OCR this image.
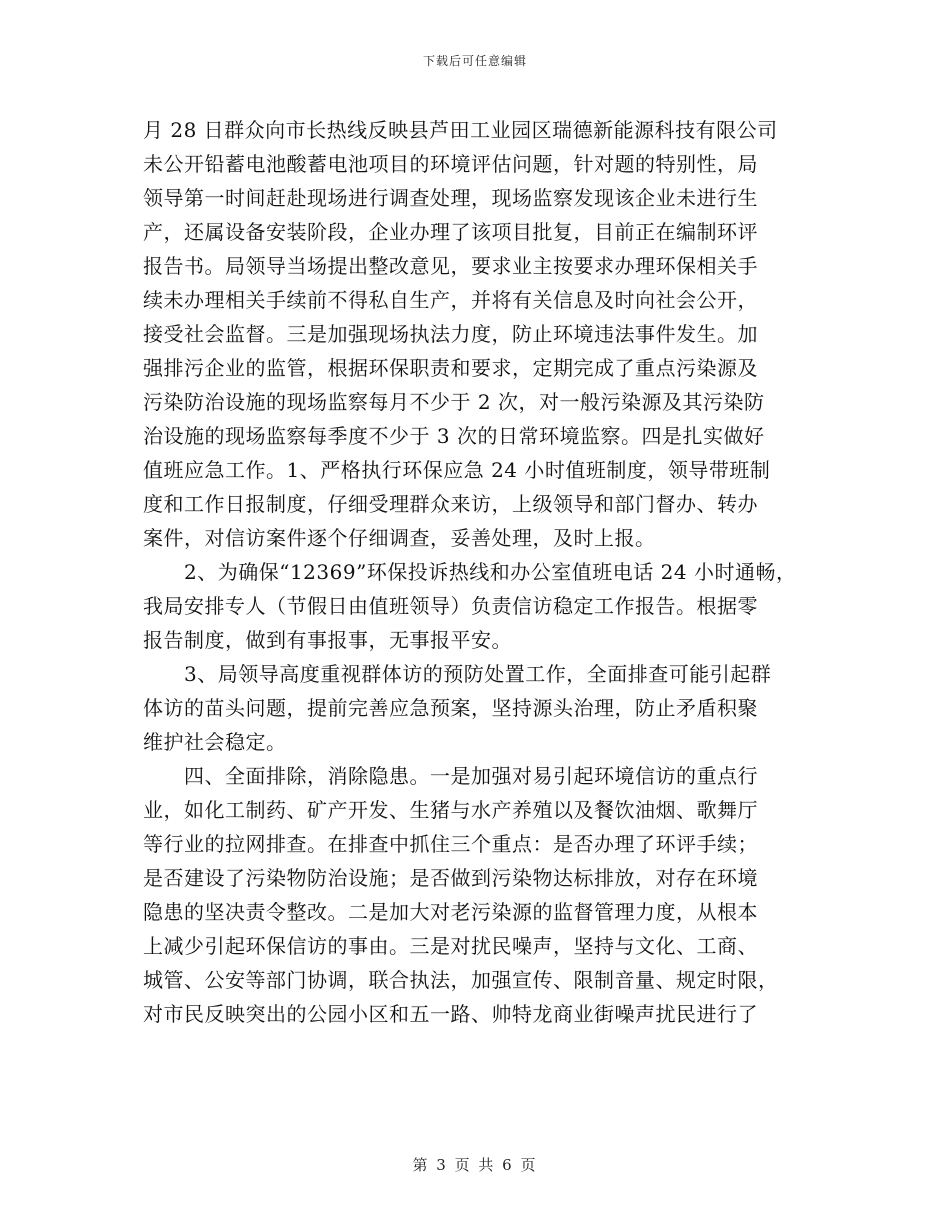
下载后可任意编辑
月 28 日群众向市长热线反映县芦田工业园区瑞德新能源科技有限公司
未公开铅蓄电池酸蓄电池项目的环境评估问题，针对题的特别性，局
领导第一时间赶赴现场进行调查处理，现场监察发现该企业未进行生
产，还属设备安装阶段，企业办理了该项目批复，目前正在编制环评
报告书。局领导当场提出整改意见，要求业主按要求办理环保相关手
续未办理相关手续前不得私自生产，并将有关信息及时向社会公开，
接受社会监督。三是加强现场执法力度，防止环境违法事件发生。加
强排污企业的监管，根据环保职责和要求，定期完成了重点污染源及
污染防治设施的现场监察每月不少于 2 次，对一般污染源及其污染防
治设施的现场监察每季度不少于 3 次的日常环境监察。四是扎实做好
值班应急工作。1、严格执行环保应急 24 小时值班制度，领导带班制
度和工作日报制度，仔细受理群众来访，上级领导和部门督办、转办
案件，对信访案件逐个仔细调查，妥善处理，及时上报。
2、为确保“12369”环保投诉热线和办公室值班电话 24 小时通畅，
我局安排专人（节假日由值班领导）负责信访稳定工作报告。根据零
报告制度，做到有事报事，无事报平安。
3、局领导高度重视群体访的预防处置工作，全面排查可能引起群
体访的苗头问题，提前完善应急预案，坚持源头治理，防止矛盾积聚
维护社会稳定。
四、全面排除，消除隐患。一是加强对易引起环境信访的重点行
业，如化工制药、矿产开发、生猪与水产养殖以及餐饮油烟、歌舞厅
等行业的拉网排查。在排查中抓住三个重点：是否办理了环评手续；
是否建设了污染物防治设施；是否做到污染物达标排放，对存在环境
隐患的坚决责令整改。二是加大对老污染源的监督管理力度，从根本
上减少引起环保信访的事由。三是对扰民噪声，坚持与文化、工商、
城管、公安等部门协调，联合执法，加强宣传、限制音量、规定时限，
对市民反映突出的公园小区和五一路、帅特龙商业街噪声扰民进行了
第 3 页 共 6 页
